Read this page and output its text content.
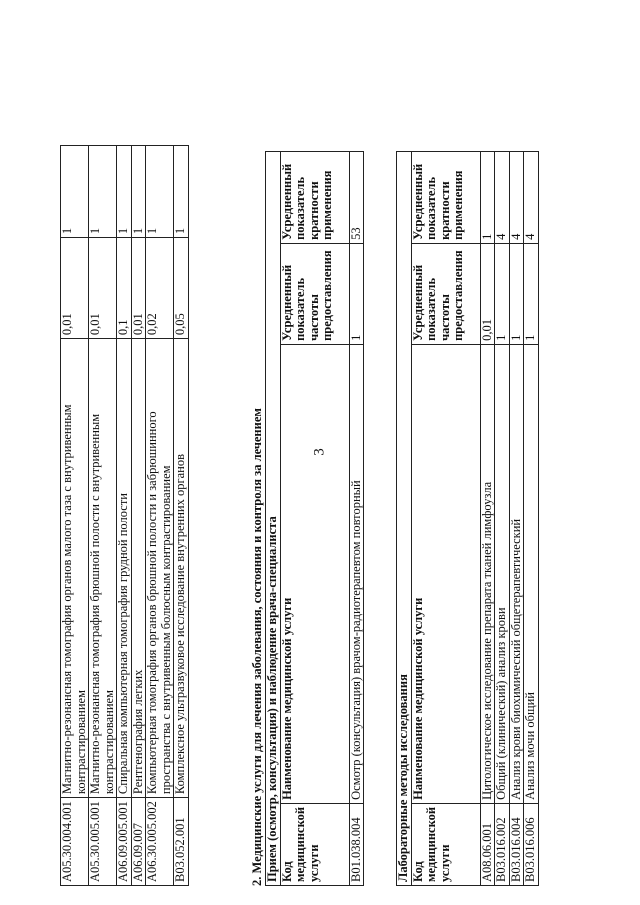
3
A05.30.004.001	Магнитно-резонансная томография органов малого таза с внутривенным контрастированием	0,01	1
A05.30.005.001	Магнитно-резонансная томография брюшной полости с внутривенным контрастированием	0,01	1
A06.09.005.001	Спиральная компьютерная томография грудной полости	0,1	1
A06.09.007	Рентгенография легких	0,01	1
A06.30.005.002	Компьютерная томография органов брюшной полости и забрюшинного пространства с внутривенным болюсным контрастированием	0,02	1
B03.052.001	Комплексное ультразвуковое исследование внутренних органов	0,05	1
2. Медицинские услуги для лечения заболевания, состояния и контроля за лечением Прием (осмотр, консультация) и наблюдение врача-специалиста			
Код медицинской услуги	Наименование медицинской услуги	Усредненный показатель частоты предоставления	Усредненный показатель кратности применения
B01.038.004	Осмотр (консультация) врачом-радиотерапевтом повторный	1	53
Лабораторные методы исследования			
Код медицинской услуги	Наименование медицинской услуги	Усредненный показатель частоты предоставления	Усредненный показатель кратности применения
A08.06.001	Цитологическое исследование препарата тканей лимфоузла	0,01	1
B03.016.002	Общий (клинический) анализ крови	1	4
B03.016.004	Анализ крови биохимический общетерапевтический	1	4
B03.016.006	Анализ мочи общий	1	4
